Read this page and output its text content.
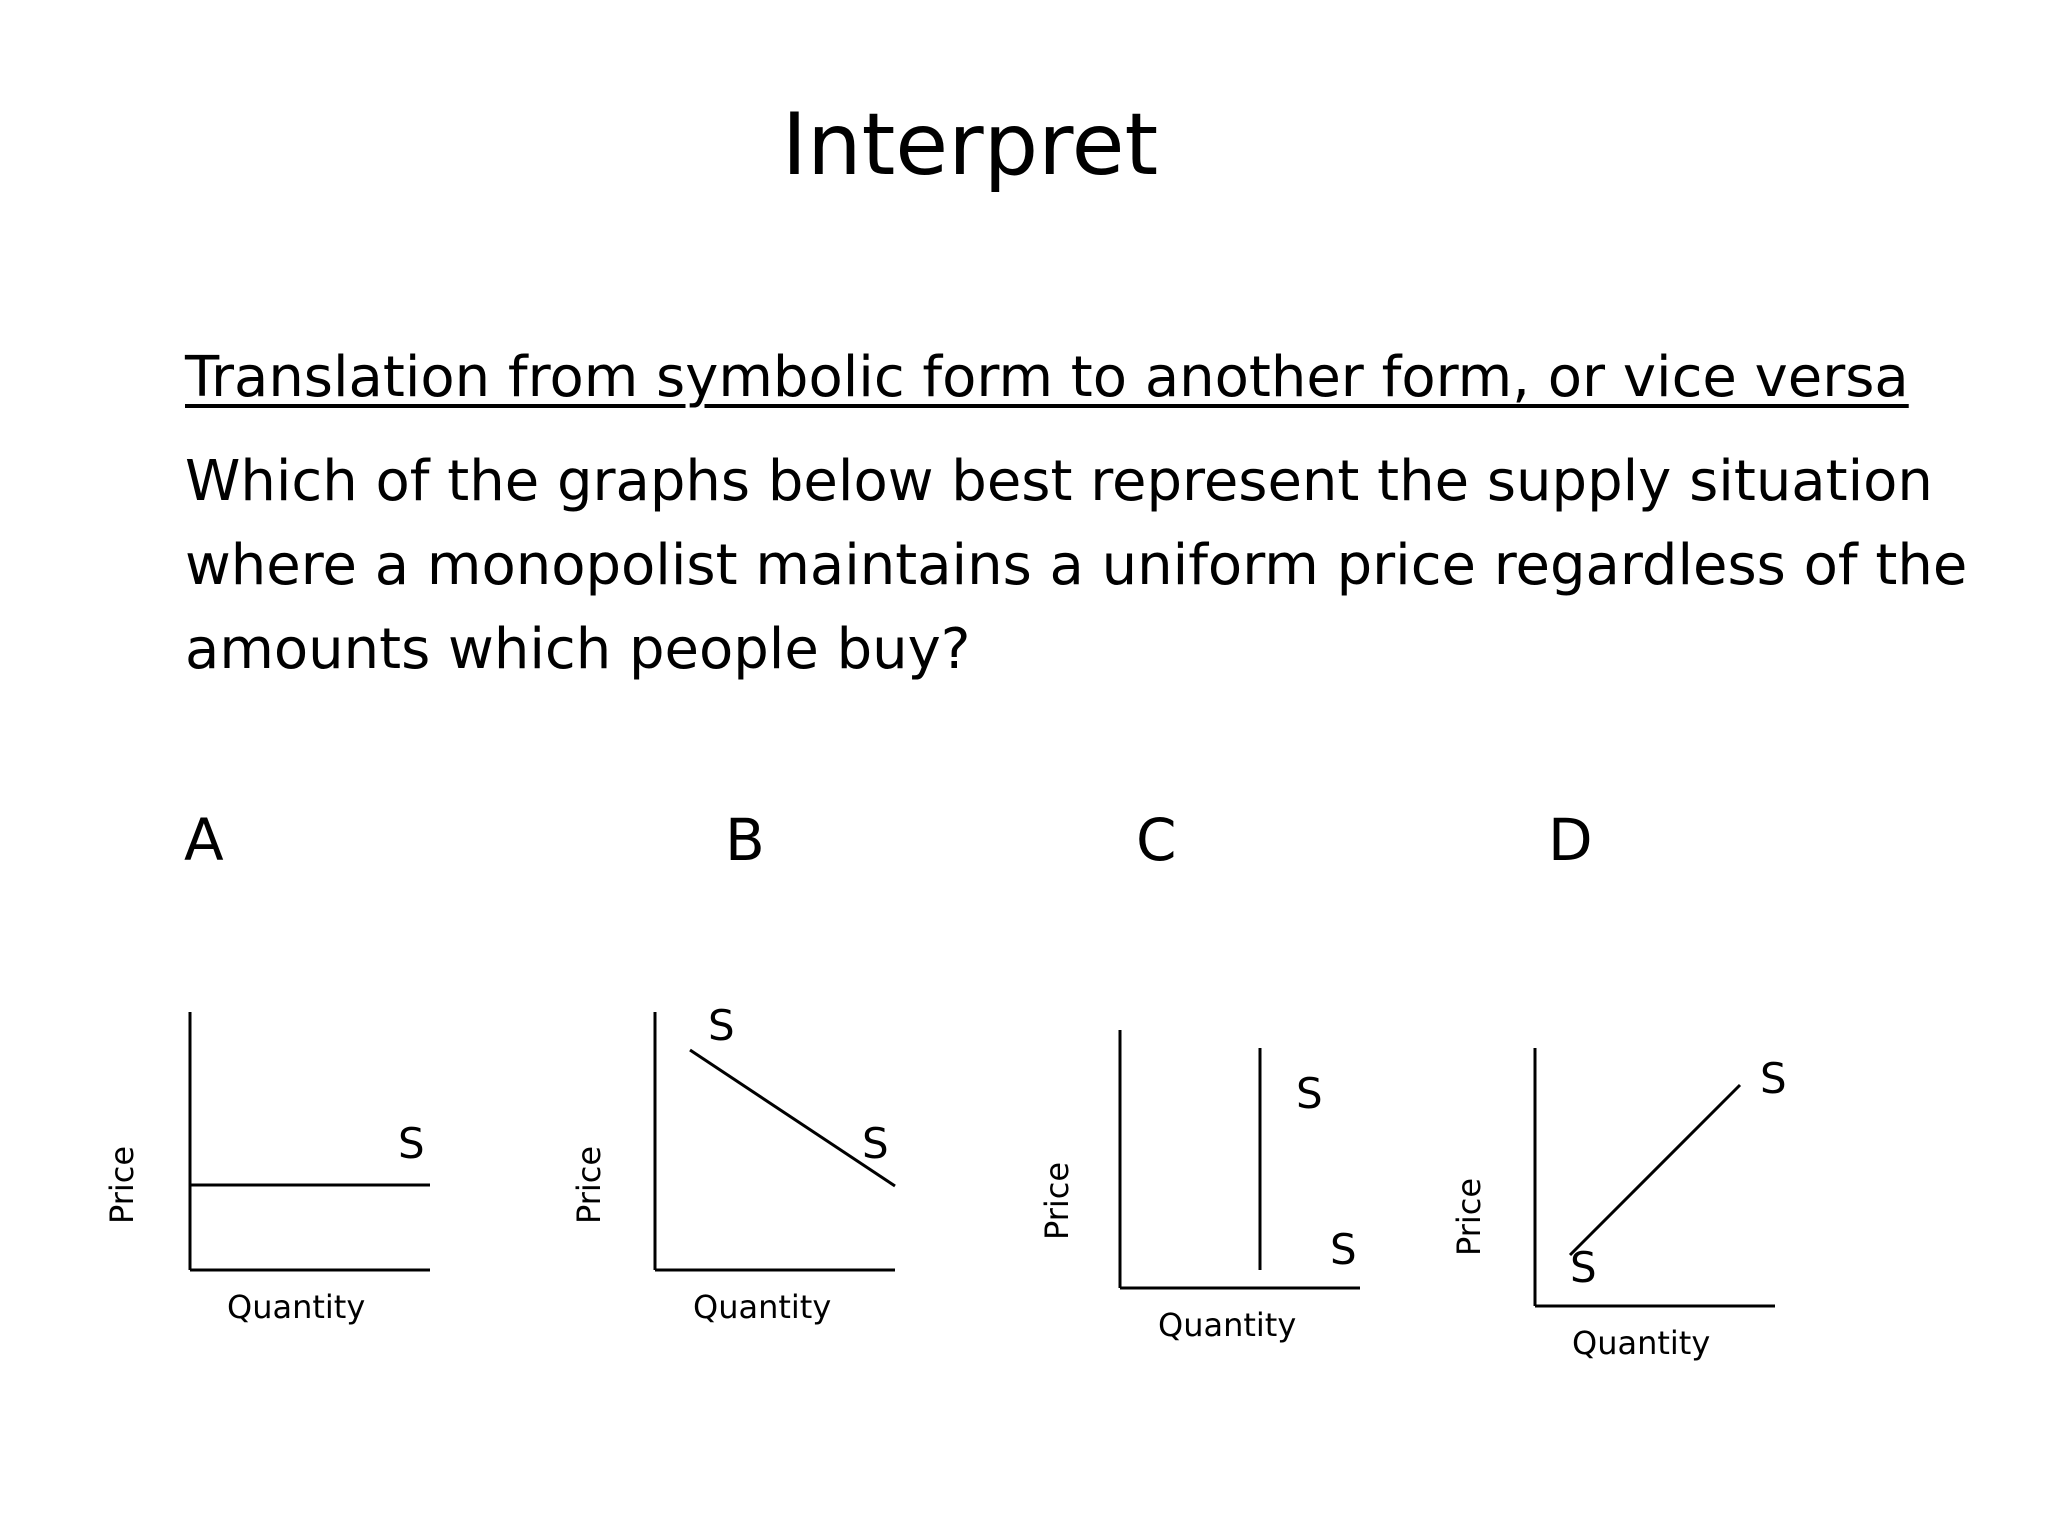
Interpret
Translation from symbolic form to another form, or vice versa
Which of the graphs below best represent the supply situation where a monopolist maintains a uniform price regardless of the amounts which people buy?
A	B	C	D
S
Quantity
Price
S
S
Quantity
Price
S
S
Quantity
Price
S
S
Quantity
Price
